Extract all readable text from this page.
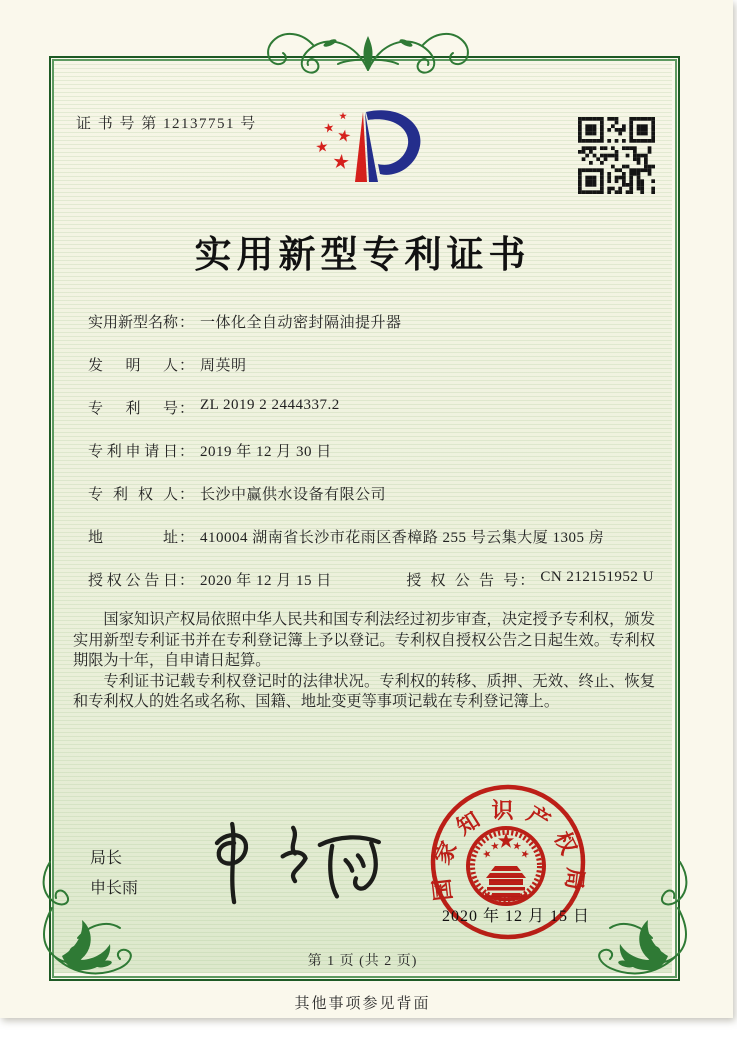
证 书 号 第 12137751 号
实用新型专利证书
实用新型名称 ： 一体化全自动密封隔油提升器
发明人 ： 周英明
专利号 ： ZL 2019 2 2444337.2
专利申请日 ： 2019 年 12 月 30 日
专利权人 ： 长沙中赢供水设备有限公司
地址 ： 410004 湖南省长沙市花雨区香樟路 255 号云集大厦 1305 房
授权公告日 ： 2020 年 12 月 15 日	授权公告号 ： CN 212151952 U

国家知识产权局依照中华人民共和国专利法经过初步审查，决定授予专利权，颁发实用新型专利证书并在专利登记簿上予以登记。专利权自授权公告之日起生效。专利权期限为十年，自申请日起算。

专利证书记载专利权登记时的法律状况。专利权的转移、质押、无效、终止、恢复和专利权人的姓名或名称、国籍、地址变更等事项记载在专利登记簿上。

局长
申长雨	国家知识产权局
2020 年 12 月 15 日
第 1 页 (共 2 页)
其他事项参见背面
